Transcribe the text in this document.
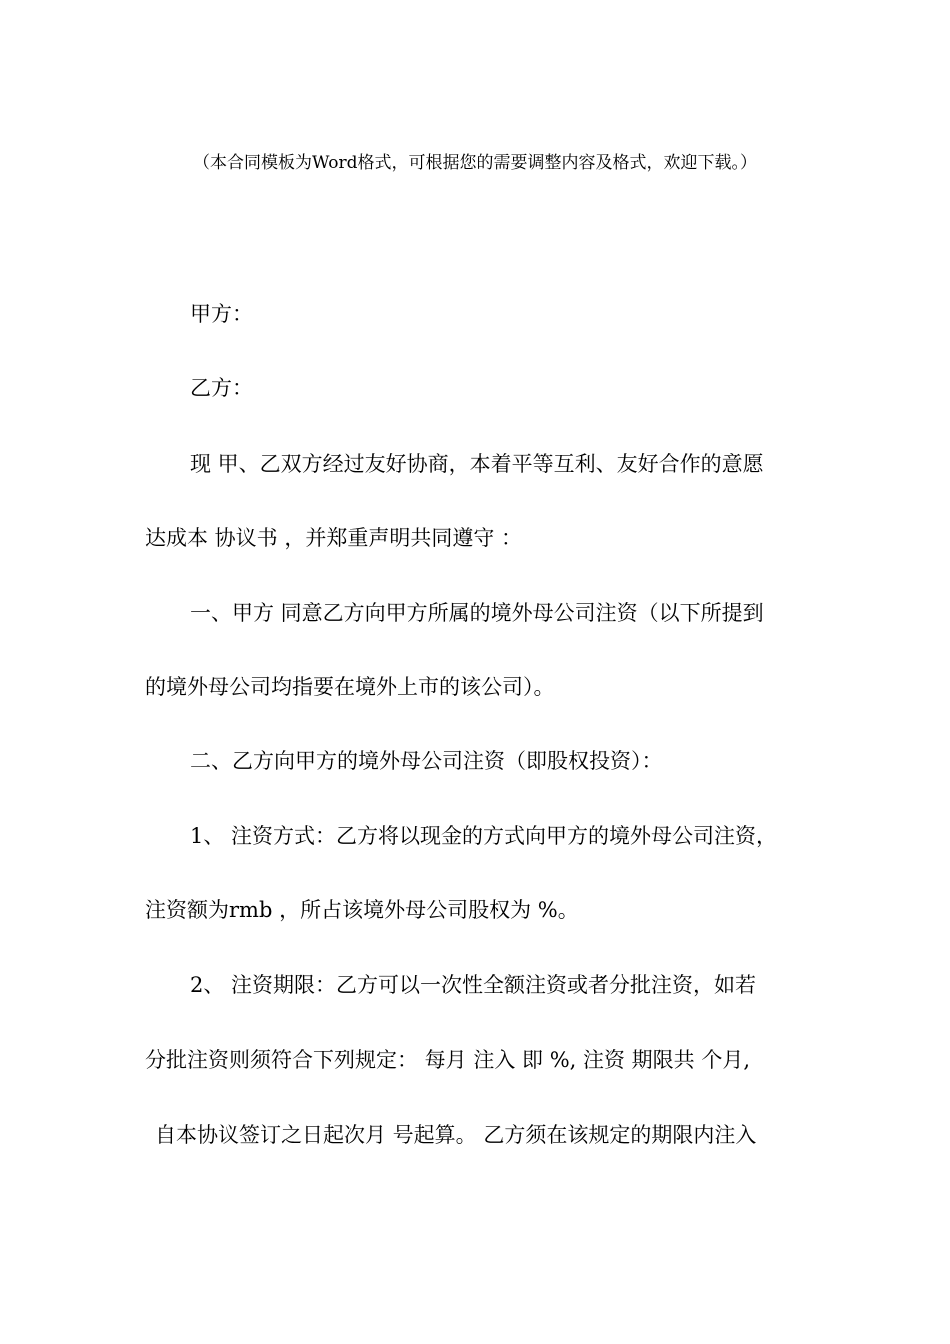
（本合同模板为Word格式，可根据您的需要调整内容及格式，欢迎下载。）
甲方：
乙方：
现 甲、乙双方经过友好协商，本着平等互利、友好合作的意愿
达成本 协议书 ，并郑重声明共同遵守 ：
一、甲方 同意乙方向甲方所属的境外母公司注资（以下所提到
的境外母公司均指要在境外上市的该公司）。
二、乙方向甲方的境外母公司注资（即股权投资）：
1、 注资方式：乙方将以现金的方式向甲方的境外母公司注资，
注资额为rmb ，所占该境外母公司股权为 %。
2、 注资期限：乙方可以一次性全额注资或者分批注资，如若
分批注资则须符合下列规定： 每月 注入 即 %, 注资 期限共 个月,
自本协议签订之日起次月 号起算。 乙方须在该规定的期限内注入
